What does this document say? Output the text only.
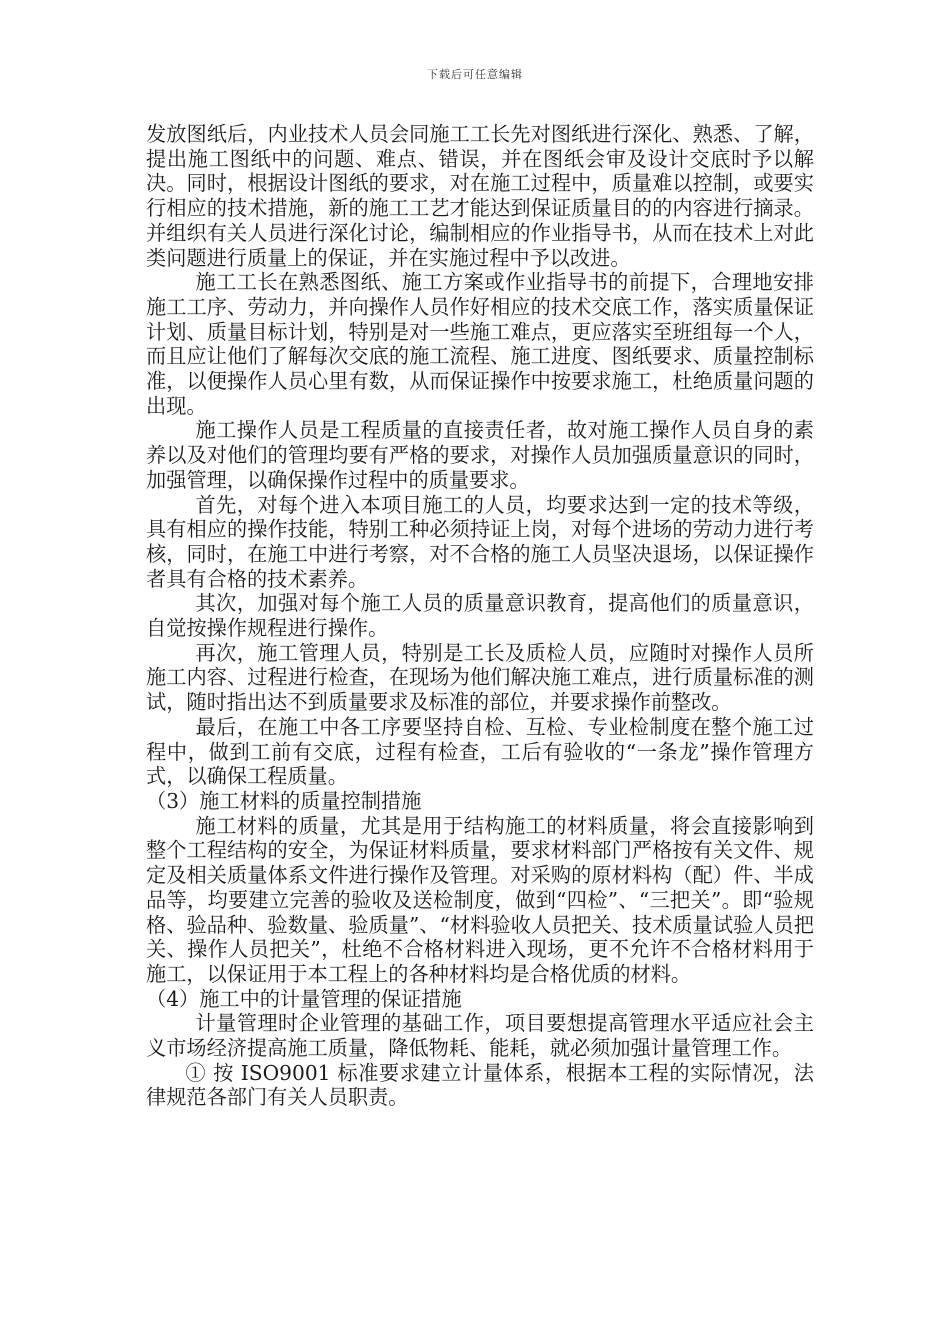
下载后可任意编辑

发放图纸后，内业技术人员会同施工工长先对图纸进行深化、熟悉、了解，提出施工图纸中的问题、难点、错误，并在图纸会审及设计交底时予以解决。同时，根据设计图纸的要求，对在施工过程中，质量难以控制，或要实行相应的技术措施，新的施工工艺才能达到保证质量目的的内容进行摘录。并组织有关人员进行深化讨论，编制相应的作业指导书，从而在技术上对此类问题进行质量上的保证，并在实施过程中予以改进。

施工工长在熟悉图纸、施工方案或作业指导书的前提下，合理地安排施工工序、劳动力，并向操作人员作好相应的技术交底工作，落实质量保证计划、质量目标计划，特别是对一些施工难点，更应落实至班组每一个人，而且应让他们了解每次交底的施工流程、施工进度、图纸要求、质量控制标准，以便操作人员心里有数，从而保证操作中按要求施工，杜绝质量问题的出现。

施工操作人员是工程质量的直接责任者，故对施工操作人员自身的素养以及对他们的管理均要有严格的要求，对操作人员加强质量意识的同时，加强管理，以确保操作过程中的质量要求。

首先，对每个进入本项目施工的人员，均要求达到一定的技术等级，具有相应的操作技能，特别工种必须持证上岗，对每个进场的劳动力进行考核，同时，在施工中进行考察，对不合格的施工人员坚决退场，以保证操作者具有合格的技术素养。

其次，加强对每个施工人员的质量意识教育，提高他们的质量意识，自觉按操作规程进行操作。

再次，施工管理人员，特别是工长及质检人员，应随时对操作人员所施工内容、过程进行检查，在现场为他们解决施工难点，进行质量标准的测试，随时指出达不到质量要求及标准的部位，并要求操作前整改。

最后，在施工中各工序要坚持自检、互检、专业检制度在整个施工过程中，做到工前有交底，过程有检查，工后有验收的“一条龙”操作管理方式，以确保工程质量。

（3）施工材料的质量控制措施

施工材料的质量，尤其是用于结构施工的材料质量，将会直接影响到整个工程结构的安全，为保证材料质量，要求材料部门严格按有关文件、规定及相关质量体系文件进行操作及管理。对采购的原材料构（配）件、半成品等，均要建立完善的验收及送检制度，做到“四检”、“三把关”。即“验规格、验品种、验数量、验质量”、“材料验收人员把关、技术质量试验人员把关、操作人员把关”，杜绝不合格材料进入现场，更不允许不合格材料用于施工，以保证用于本工程上的各种材料均是合格优质的材料。

（4）施工中的计量管理的保证措施

计量管理时企业管理的基础工作，项目要想提高管理水平适应社会主义市场经济提高施工质量，降低物耗、能耗，就必须加强计量管理工作。

① 按 ISO9001 标准要求建立计量体系，根据本工程的实际情况，法律规范各部门有关人员职责。
